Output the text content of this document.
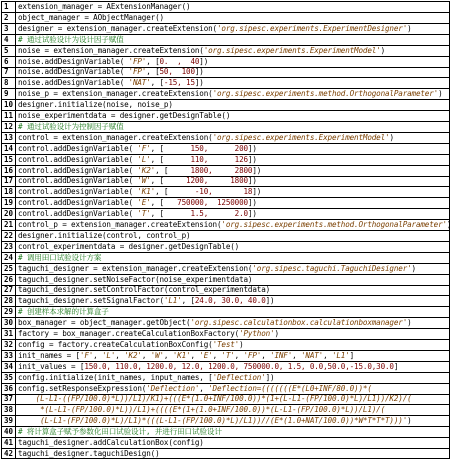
1	extension_manager = AExtensionManager()
2	object_manager = AObjectManager()
3	designer = extension_manager.createExtension('org.sipesc.experiments.ExperimentDesigner')
4	# 通过试验设计为设计因子赋值
5	noise = extension_manager.createExtension('org.sipesc.experiments.ExperimentModel')
6	noise.addDesignVariable( 'FP', [0.  ,  40])
7	noise.addDesignVariable( 'FP', [50,  100])
8	noise.addDesignVariable( 'NAT', [-15, 15])
9	noise_p = extension_manager.createExtension('org.sipesc.experiments.method.OrthogonalParameter')
10 designer.initialize(noise, noise_p)
11 noise_experimentdata = designer.getDesignTable()
12 # 通过试验设计为控制因子赋值
13 control = extension_manager.createExtension('org.sipesc.experiments.ExperimentModel')
14 control.addDesignVariable( 'F', [      150,      200])
15 control.addDesignVariable( 'L', [      110,      126])
16 control.addDesignVariable( 'K2', [     1800,     2800])
17 control.addDesignVariable( 'W', [     1200,     1800])
18 control.addDesignVariable( 'K1', [      -10,       18])
19 control.addDesignVariable( 'E', [   750000,  1250000])
20 control.addDesignVariable( 'T', [      1.5,      2.0])
21 control_p = extension_manager.createExtension('org.sipesc.experiments.method.OrthogonalParameter')
22 designer.initialize(control, control_p)
23 control_experimentdata = designer.getDesignTable()
24 # 调用田口试验设计方案
25 taguchi_designer = extension_manager.createExtension('org.sipesc.taguchi.TaguchiDesigner')
26 taguchi_designer.setNoiseFactor(noise_experimentdata)
27 taguchi_designer.setControlFactor(control_experimentdata)
28 taguchi_designer.setSignalFactor('L1', [24.0, 30.0, 40.0])
29 # 创建样本求解的计算盒子
30 box_manager = object_manager.getObject('org.sipesc.calculationbox.calculationboxmanager')
31 factory = box_manager.createCalculationBoxFactory('Python')
32 config = factory.createCalculationBoxConfig('Test')
33 init_names = ['F', 'L', 'K2', 'W', 'K1', 'E', 'T', 'FP', 'INF', 'NAT', 'L1']
34 init_values = [150.0, 110.0, 1200.0, 12.0, 1200.0, 750000.0, 1.5, 0.0,50.0,-15.0,30.0]
35 config.initialize(init_names, input_names, ['Deflection'])
36 config.setResponseExpression('Deflection', 'Deflection=(((((((E*(L0+INF/80.0))*(
37 (L-L1-((FP/100.0)*L))/L1)/K1)+(((E*(1.0+INF/100.0))*(1+(L-L1-(FP/100.0)*L)/L1))/K2)/(
38 *(L-L1-(FP/100.0)*L))/L1)+((((E*(1+(1.0+INF/100.0))*(L-L1-(FP/100.0)*L))/L1)/(
39 (L-L1-(FP/100.0)*L)/L1)*(((L-L1-(FP/100.0)*L)/L1))//(E*(1.0+NAT/100.0))*W*T*T*T)))')
40 # 将计算盒子赋予参数化田口试验设计, 并进行田口试验设计
41 taguchi_designer.addCalculationBox(config)
42 taguchi_designer.taguchiDesign()
